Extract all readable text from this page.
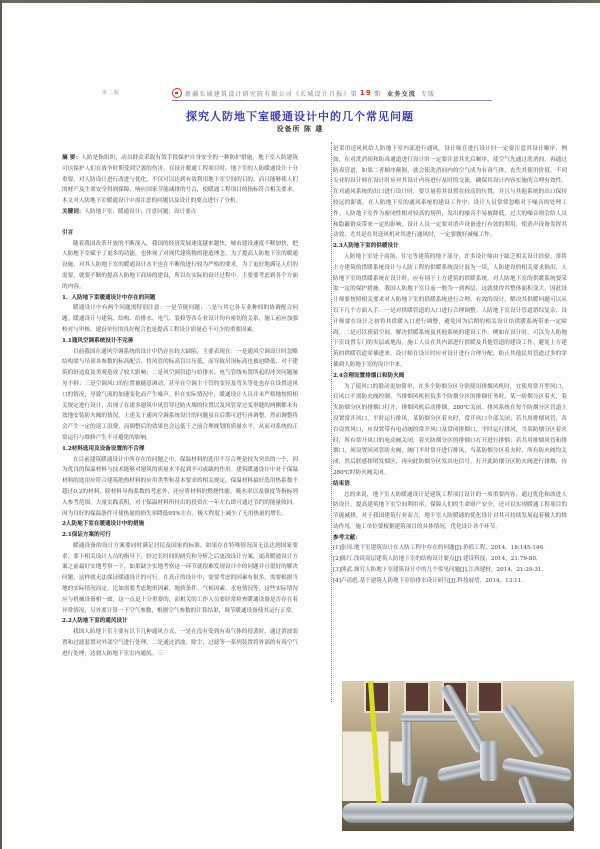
第二版	新疆长城建筑设计研究院有限公司《长城设计月报》第 19 期 业务交流 专版
探究人防地下室暖通设计中的几个常见问题
设备所 陈 雄

摘 要：人防是指组织、动员群众采取有效手段保护自身安全的一种防护措施，地下室人防建筑可以保护人们在战争时期受到空袭的伤害。在设计暖通工程项目时，地下室的人防暖通设计十分重要。对人防设计进行改进与优化，不仅可以达到有效利用地下室空间的目的，而且能够使人们的财产及生命安全得到保障，响应国家节能减排的号召，使暖通工程项目的指标符合相关要求。本文对人防地下室暖通设计中需注意的问题以及设计的要点进行了分析。

关键词：人防地下室；暖通设计；注意问题；设计要点

引言

随着我国改革开放的不断深入，我国的经济发展速度越来越快，城市建设速度不断加快，把人防地下室赋予了更多的功能，也体现了对现代建筑物的建造理念。为了提高人防地下室的暖通设施，对其人防地下室的暖通设计水平也在不断的进行较为严格的要求。为了更好地满足人们的需要，就要不断的提高人防地下商场的建设，所以在实际的设计过程中，主要要考虑到各个方面的内容。

1、人防地下室暖通设计中存在的问题

暖通设计中有两个问题需特别注意：一是节能问题；二是与其它各专业种间的协调配合问题。暖通设计与建筑、结构、给排水、电气、装修等各专业设计均有密切的关系，施工前应加强校对与审核，建设单位的良好配合也是提高工程设计质量必不可少的重要因素。

1.1通风空调系统设计不完善

目前我国在通风空调系统的设计中仍存在较大缺陷，主要表现在：一是通风空调设计时忽略结构梁与吊顶各参数的标高配合，将风管的标高盲目压低，而导致吊顶标高也被迫降低，对于建筑的舒适度及美观造成了较大影响；二是风空调管道与给排水、电气管线布置所起的冲突问题屡见不鲜；三是空调风口的位置被随意调动，甚至在空调主干管的变径及弯头等处也存在设置送风口的情况，导致气流的加速变化而产生噪声。但在实际情况中，暖通设计人员并未严格地按照相关规定进行设计，出现了在诸多建筑中风管穿过防火墙的位置以及风管穿过变形缝的两侧都未有效地安装防火阀的情况。上述关于通风空调系统设计的问题虽在后期可进行再调整，然而调整将会产生一定的返工浪费，而调整后的效果也会远低于之前合理规划的质量水平，从而对系统的正常运行与维修产生不可避免的影响。

1.2材料选用及设备设置的不合理

在目前建筑暖通设计中所存在的问题之中，保温材料的选用不尽合理是较为突出的一个，因为优良的保温材料与技术能够对建筑的质量水平起到不可或缺的作用。建筑暖通设计中对于保温材料的选用应符合建筑绝热材料的应用类型和基本要求的相关规定，保温材料最好选用热系数不超过0.2的材料，除材料导热系数的考虑外，还应将材料的燃烧性能、吸水率以及强度等指标列入参考范围。大量实践表明，对于保温材料所付出的投资在一年左右即可通过节约的能量收回，因为良好的保温条件可使热量的损失率降低95%左右，极大程度上减少了无用热量的增长。

2人防地下室在暖通设计中的措施

2.1保证方案的可行

暖通设备的设计方案要同时满足居民及国家的标准，如果存在特殊情况而无法达到国家要求，要下相关设计人员的指导下，经过长时间的研究和分析之后更改设计方案，更改暖通设计方案之前最好实地考察一下，如果缺少实地考察这一环节就很难发现设计中的问题并且很好的解决问题，这样就无法保证暖通设计的可行。在真正的设计中，需要考虑的因素有很多，需要根据当地的实际情况而定，比如需要考虑地形因素、地质条件、气候因素、水电情况等，这些实际情况应与机械设备相一致，这一点是十分重要的，而相关的工作人员要经常检查暖通设备是否存在着异常情况，另外要计算一下空气参数，根据空气参数的计算结果，调节暖通设备使其运行正常。

2.2人防地下室的通风设计

我国人防地下室主要有以下几种通风方式，一是在没有受到有毒气体的侵袭时，通过消波装置和过滤装置对外部空气进行处理，二是通过消波、除尘、过滤等一系列装置将外部的有毒空气进行处理，达到人防地下室室内通风。三

是采用送风机给人防地下室内部进行通风。设计师在进行设计时一定要注意其设计顺序，例如，在对洗消间和防毒通道进行设计时一定要注意其先后顺序，使空气先通过洗消间，再通过防毒管道，如果二者顺序颠倒，就会使洗消间内的空气成为有毒气体，丧失其使用价值。不同专业的设计师在设计时应对其设计内容进行及时的交流，确保其设计内容实施的合理有效性。在对通风系统的出口进行设计时，要尽量将其设置在较高的位置，并且与其他系统的出口保持较远的距离。在人防地下室的通风系统的建设工作中，设计人员常常忽略对于噪音的处理工作。人防地下室作为密闭性相对较高的场所，发出的噪音不易被降低，过大的噪音则会给人员和隐蔽群众带来一定的影响，设计人员一定要对消声设备进行有效的利用，使消声设备发挥其功效，尤其是在用送风机对其进行通风时，一定要做好减噪工作。

2.3人防地下室的供暖设计

人防地下室处于商场、住宅等建筑的地下部分，许多设计师由于缺乏相关设计经验，常将上方建筑的供暖系统设计与人防工程的供暖系统设计混为一谈。人防建设的相关要求指出，人防地下室的供暖系统在设计时，应有别于上方建筑的供暖系统。对人防地下室的供暖系统要采取一定的保护措施。我国人防地下室目前一般为一到两层，这就使得其整体面积变大，因此设计师要按照相关要求对人防地下室的供暖系统进行合理、有效的设计。解决其供暖问题可以从以下几个方面入手：一是对供暖管道的入口进行合理调整。人防地下室设计管道错综复杂，设计师要在设计之初将其供暖入口进行调整，避免因为后期的相关设计给供暖系统带来一定障碍。二是可以预留空间，解决供暖系统及其他系统的建设工作，例如在设计时，可以为人防地下室设置专门的夹层或地沟，施工人员在其内部进行供暖及其他管道的建设工作，避免上方建筑的供暖管道穿插进来。设计师在设计时应对设计进行合理分配，防止其他民用管道过多的穿插到人防地下室的设计中来。

2.4合理设置排烟口和防火阀

为了使风口的联动更加简单，在多个防烟分区分别使用排烟风机时，宜使用常开型风口，且风口不需防火阀控制。当排烟风机担负多个防烟分区的排烟任务时，某一防烟分区着火，着火防烟分区的排烟口打开，排烟风机启动排烟，280℃关闭。排风系统在每个防烟分区管道上设置常开风口，平时运行排风，某防烟分区着火时，常开风口全部关闭；若共用排烟风管，各自设置风口，应设置带有电动阀的常开风口及常闭排烟口，平时运行排风，当某防烟分区着火时，所有常开风口的电动阀关闭，着火防烟分区的排烟口打开进行排烟；若共用排烟风管和排烟口，须设置回风管防火阀，阀门平时常开进行排风，当某防烟分区着火时，所有防火阀均关闭，然后联感探明发烟区，再向此防烟分区发出电信号，打开此防烟分区防火阀进行排烟，待280℃时防火阀关闭。

结束语

总的来说，地下室人防暖通设计是建筑工程项目设计的一项重要内容，通过优化和改进人防设计，提高建筑地下室空间利用率，保障人们的生命财产安全，还可以实现暖通工程项目的节能减排。对于我国建筑行业而言，地下室人防暖通的优化设计对其可持续发展起着极大的推动作用，施工单位要根据建筑项目的具体情况，优化设计各个环节。

参考文献：

[1]张玮.地下室建筑设计在人防工程中存在的问题[J].价值工程，2014，18:145-146.

[2]陈红.浅谈高层建筑人防地下室的结构设计要点[J].建设科技，2014，21:79-80.

[3]熊武.探究人防地下室建筑设计中的几个常见问题[J].江西建材，2014，21:29-31.

[4]卢清彪.基于建筑人防地下室给排水设计研究[J].科技展望，2014，13:11.
